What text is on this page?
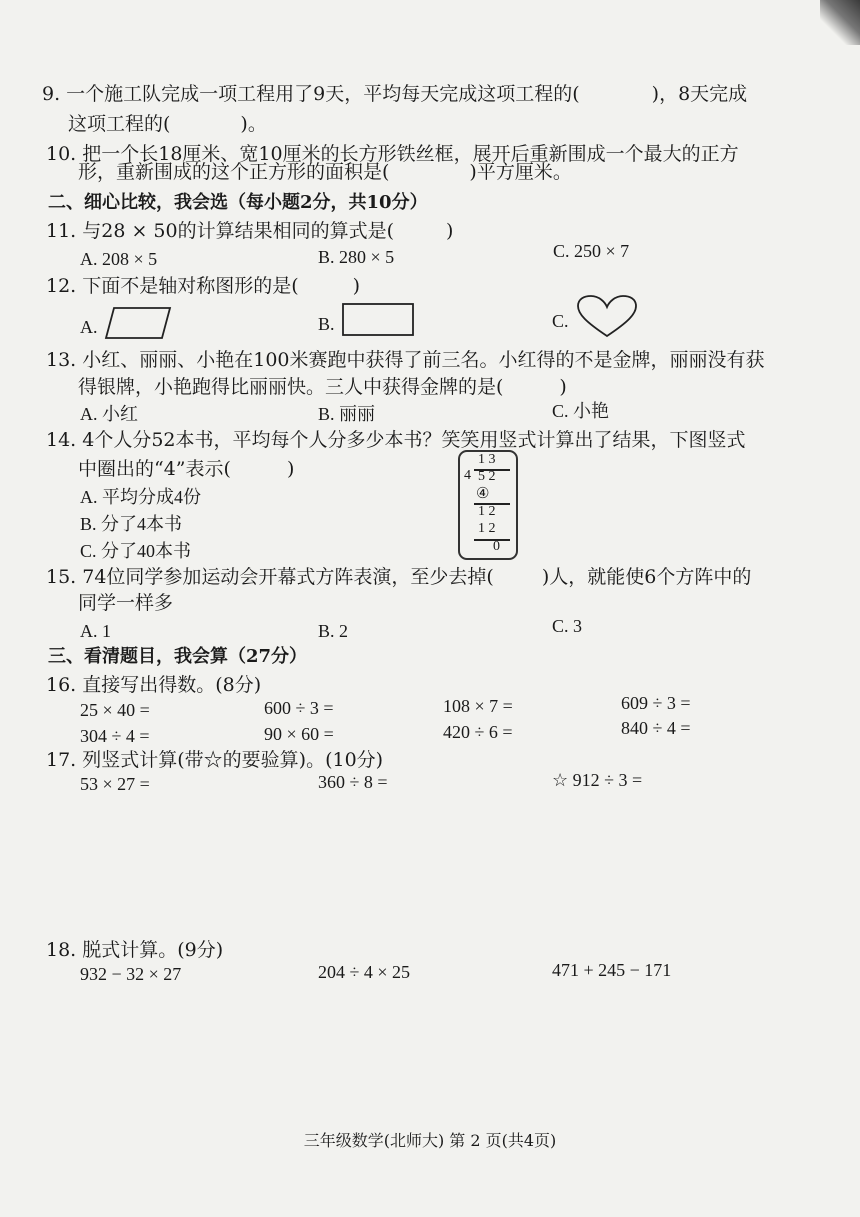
9. 一个施工队完成一项工程用了9天，平均每天完成这项工程的(	)，8天完成
这项工程的(	)。
10. 把一个长18厘米、宽10厘米的长方形铁丝框，展开后重新围成一个最大的正方
形，重新围成的这个正方形的面积是(	)平方厘米。
二、细心比较，我会选（每小题2分，共10分）
11. 与28 × 50的计算结果相同的算式是(	)
A. 208 × 5	B. 280 × 5	C. 250 × 7
12. 下面不是轴对称图形的是(	)
A.	B.	C.
13. 小红、丽丽、小艳在100米赛跑中获得了前三名。小红得的不是金牌，丽丽没有获
得银牌，小艳跑得比丽丽快。三人中获得金牌的是(	)
A. 小红	B. 丽丽	C. 小艳
14. 4个人分52本书，平均每个人分多少本书？笑笑用竖式计算出了结果，下图竖式
中圈出的“4”表示(	)
A. 平均分成4份
B. 分了4本书
C. 分了40本书
1 3
4 5 2
④
1 2
1 2
0
15. 74位同学参加运动会开幕式方阵表演，至少去掉(	)人，就能使6个方阵中的
同学一样多
A. 1	B. 2	C. 3
三、看清题目，我会算（27分）
16. 直接写出得数。(8分)
25 × 40 =	600 ÷ 3 =	108 × 7 =	609 ÷ 3 =
304 ÷ 4 =	90 × 60 =	420 ÷ 6 =	840 ÷ 4 =
17. 列竖式计算(带☆的要验算)。(10分)
53 × 27 =	360 ÷ 8 =	☆ 912 ÷ 3 =
18. 脱式计算。(9分)
932 − 32 × 27	204 ÷ 4 × 25	471 + 245 − 171
三年级数学(北师大) 第 2 页(共4页)
